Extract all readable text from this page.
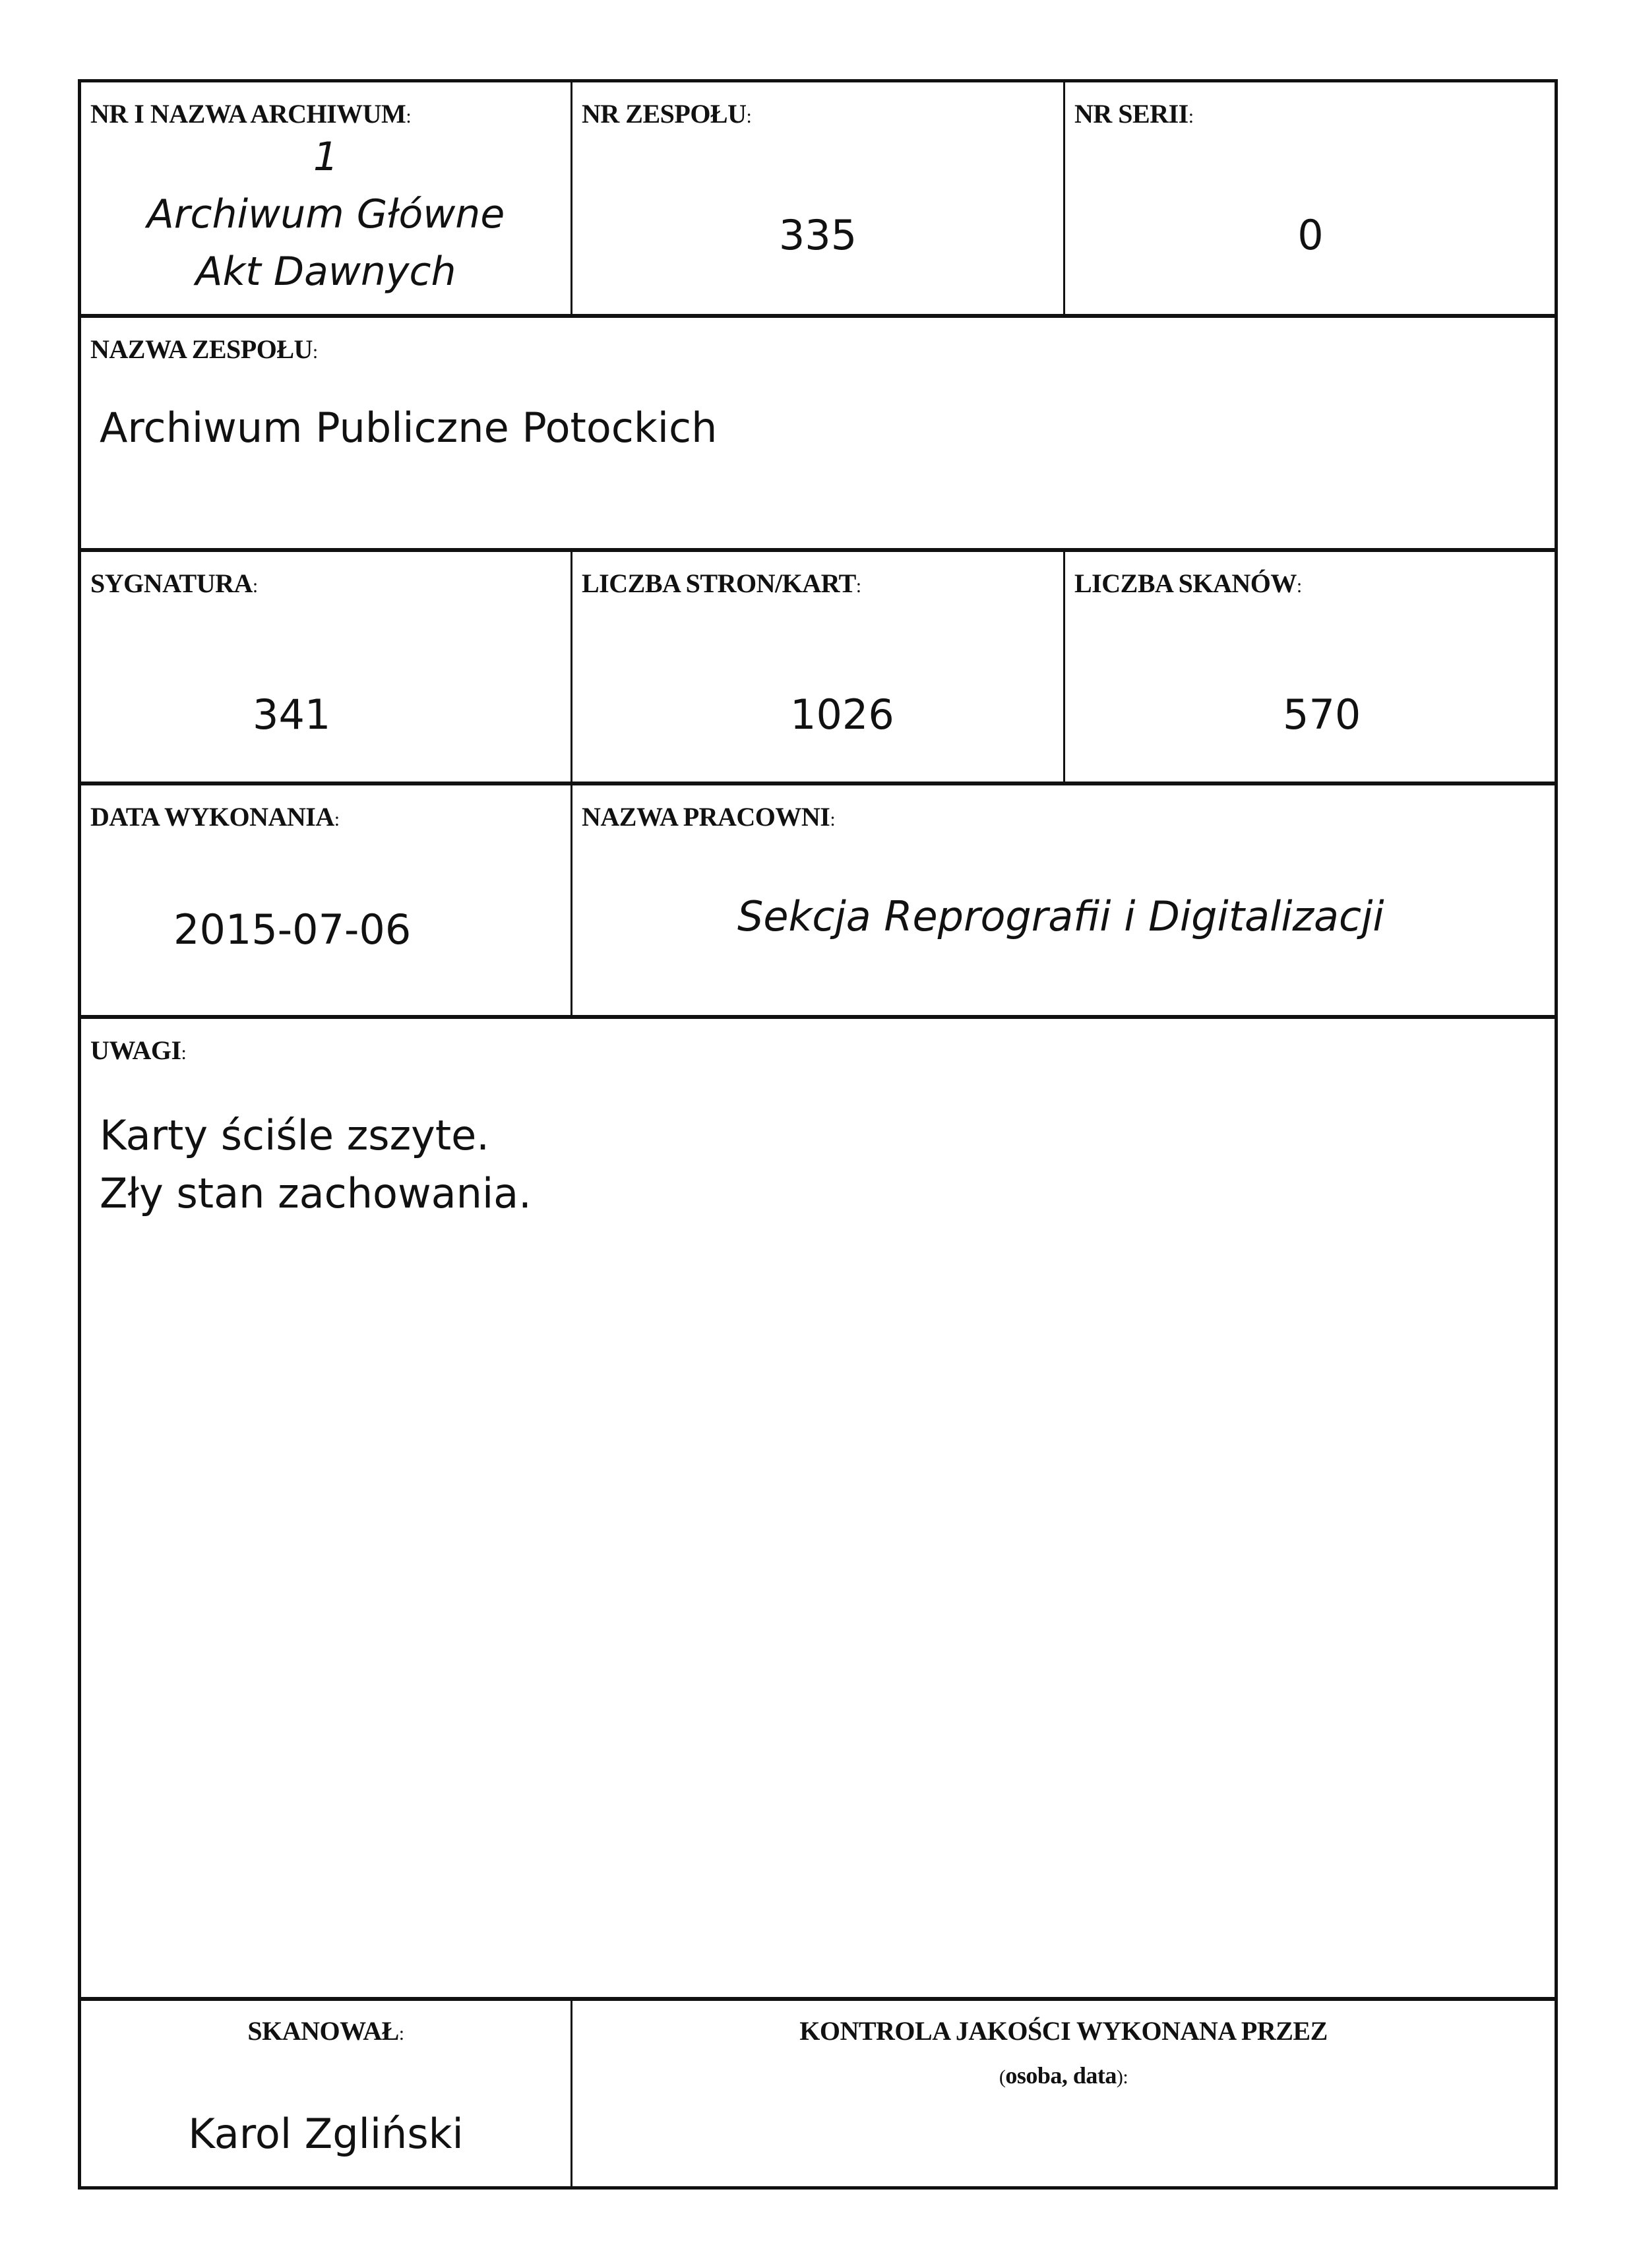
NR I NAZWA ARCHIWUM:
1
Archiwum Główne
Akt Dawnych
NR ZESPOŁU:
335
NR SERII:
0
NAZWA ZESPOŁU:
Archiwum Publiczne Potockich
SYGNATURA:
341
LICZBA STRON/KART:
1026
LICZBA SKANÓW:
570
DATA WYKONANIA:
2015-07-06
NAZWA PRACOWNI:
Sekcja Reprografii i Digitalizacji
UWAGI:
Karty ściśle zszyte.
Zły stan zachowania.
SKANOWAŁ:
Karol Zgliński
KONTROLA JAKOŚCI WYKONANA PRZEZ
(osoba, data):
